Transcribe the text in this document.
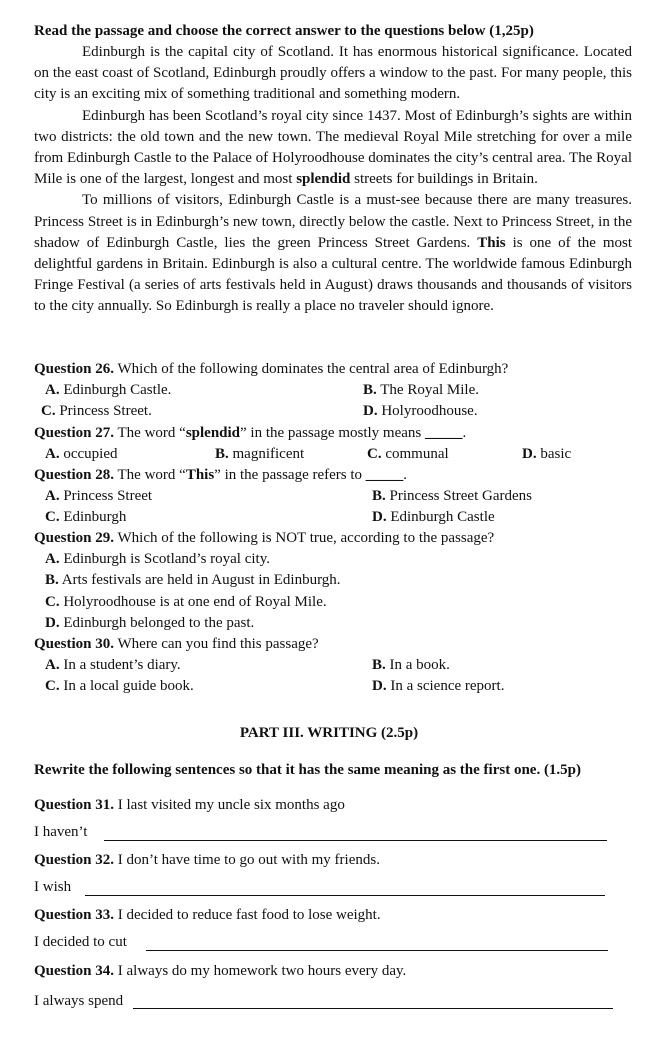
Read the passage and choose the correct answer to the questions below (1,25p)

Edinburgh is the capital city of Scotland. It has enormous historical significance. Located on the east coast of Scotland, Edinburgh proudly offers a window to the past. For many people, this city is an exciting mix of something traditional and something modern.

Edinburgh has been Scotland’s royal city since 1437. Most of Edinburgh’s sights are within two districts: the old town and the new town. The medieval Royal Mile stretching for over a mile from Edinburgh Castle to the Palace of Holyroodhouse dominates the city’s central area. The Royal Mile is one of the largest, longest and most splendid streets for buildings in Britain.

To millions of visitors, Edinburgh Castle is a must-see because there are many treasures. Princess Street is in Edinburgh’s new town, directly below the castle. Next to Princess Street, in the shadow of Edinburgh Castle, lies the green Princess Street Gardens. This is one of the most delightful gardens in Britain. Edinburgh is also a cultural centre. The worldwide famous Edinburgh Fringe Festival (a series of arts festivals held in August) draws thousands and thousands of visitors to the city annually. So Edinburgh is really a place no traveler should ignore.

Question 26. Which of the following dominates the central area of Edinburgh?

A. Edinburgh Castle.	B. The Royal Mile.
C. Princess Street.	D. Holyroodhouse.

Question 27. The word “splendid” in the passage mostly means _____.

A. occupied	B. magnificent	C. communal	D. basic

Question 28. The word “This” in the passage refers to _____.

A. Princess Street	B. Princess Street Gardens
C. Edinburgh	D. Edinburgh Castle

Question 29. Which of the following is NOT true, according to the passage?

A. Edinburgh is Scotland’s royal city.

B. Arts festivals are held in August in Edinburgh.

C. Holyroodhouse is at one end of Royal Mile.

D. Edinburgh belonged to the past.

Question 30. Where can you find this passage?

A. In a student’s diary.	B. In a book.
C. In a local guide book.	D. In a science report.
PART III. WRITING (2.5p)
Rewrite the following sentences so that it has the same meaning as the first one. (1.5p)
Question 31. I last visited my uncle six months ago
I haven’t
Question 32. I don’t have time to go out with my friends.
I wish
Question 33. I decided to reduce fast food to lose weight.
I decided to cut
Question 34. I always do my homework two hours every day.
I always spend
